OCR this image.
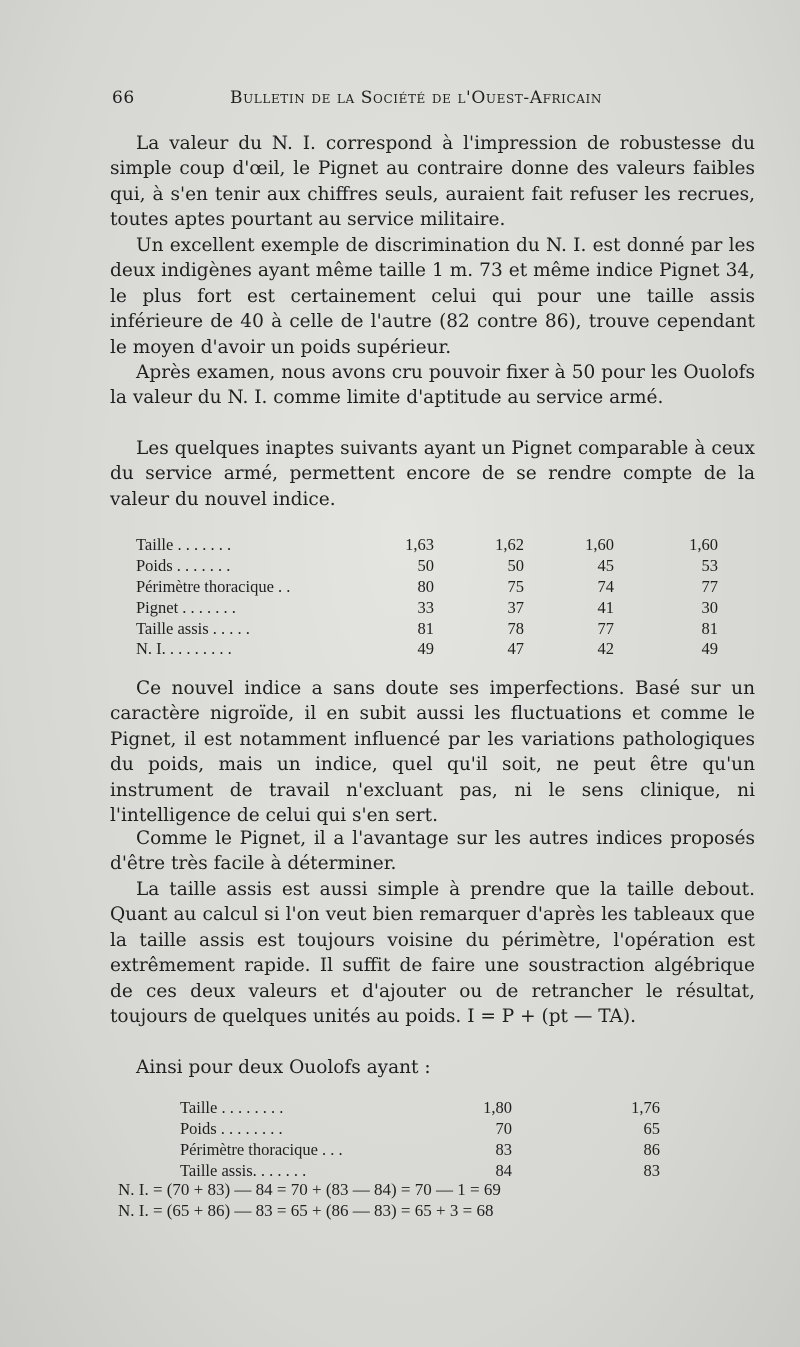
66	Bulletin de la Société de l'Ouest-Africain

La valeur du N. I. correspond à l'impression de robustesse du simple coup d'œil, le Pignet au contraire donne des valeurs faibles qui, à s'en tenir aux chiffres seuls, auraient fait refuser les recrues, toutes aptes pourtant au service militaire.

Un excellent exemple de discrimination du N. I. est donné par les deux indigènes ayant même taille 1 m. 73 et même indice Pignet 34, le plus fort est certainement celui qui pour une taille assis inférieure de 40 à celle de l'autre (82 contre 86), trouve cependant le moyen d'avoir un poids supérieur.

Après examen, nous avons cru pouvoir fixer à 50 pour les Ouolofs la valeur du N. I. comme limite d'aptitude au service armé.

Les quelques inaptes suivants ayant un Pignet comparable à ceux du service armé, permettent encore de se rendre compte de la valeur du nouvel indice.

Taille . . . . . . .	1,63	1,62	1,60	1,60
Poids . . . . . . .	50	50	45	53
Périmètre thoracique . .	80	75	74	77
Pignet . . . . . . .	33	37	41	30
Taille assis . . . . .	81	78	77	81
N. I. . . . . . . . .	49	47	42	49

Ce nouvel indice a sans doute ses imperfections. Basé sur un caractère nigroïde, il en subit aussi les fluctuations et comme le Pignet, il est notamment influencé par les variations pathologiques du poids, mais un indice, quel qu'il soit, ne peut être qu'un instrument de travail n'excluant pas, ni le sens clinique, ni l'intelligence de celui qui s'en sert.

Comme le Pignet, il a l'avantage sur les autres indices proposés d'être très facile à déterminer.

La taille assis est aussi simple à prendre que la taille debout. Quant au calcul si l'on veut bien remarquer d'après les tableaux que la taille assis est toujours voisine du périmètre, l'opération est extrêmement rapide. Il suffit de faire une soustraction algébrique de ces deux valeurs et d'ajouter ou de retrancher le résultat, toujours de quelques unités au poids. I = P + (pt — TA).

Ainsi pour deux Ouolofs ayant :

Taille . . . . . . . .	1,80	1,76
Poids . . . . . . . .	70	65
Périmètre thoracique . . .	83	86
Taille assis. . . . . . .	84	83
N. I. = (70 + 83) — 84 = 70 + (83 — 84) = 70 — 1 = 69
N. I. = (65 + 86) — 83 = 65 + (86 — 83) = 65 + 3 = 68
